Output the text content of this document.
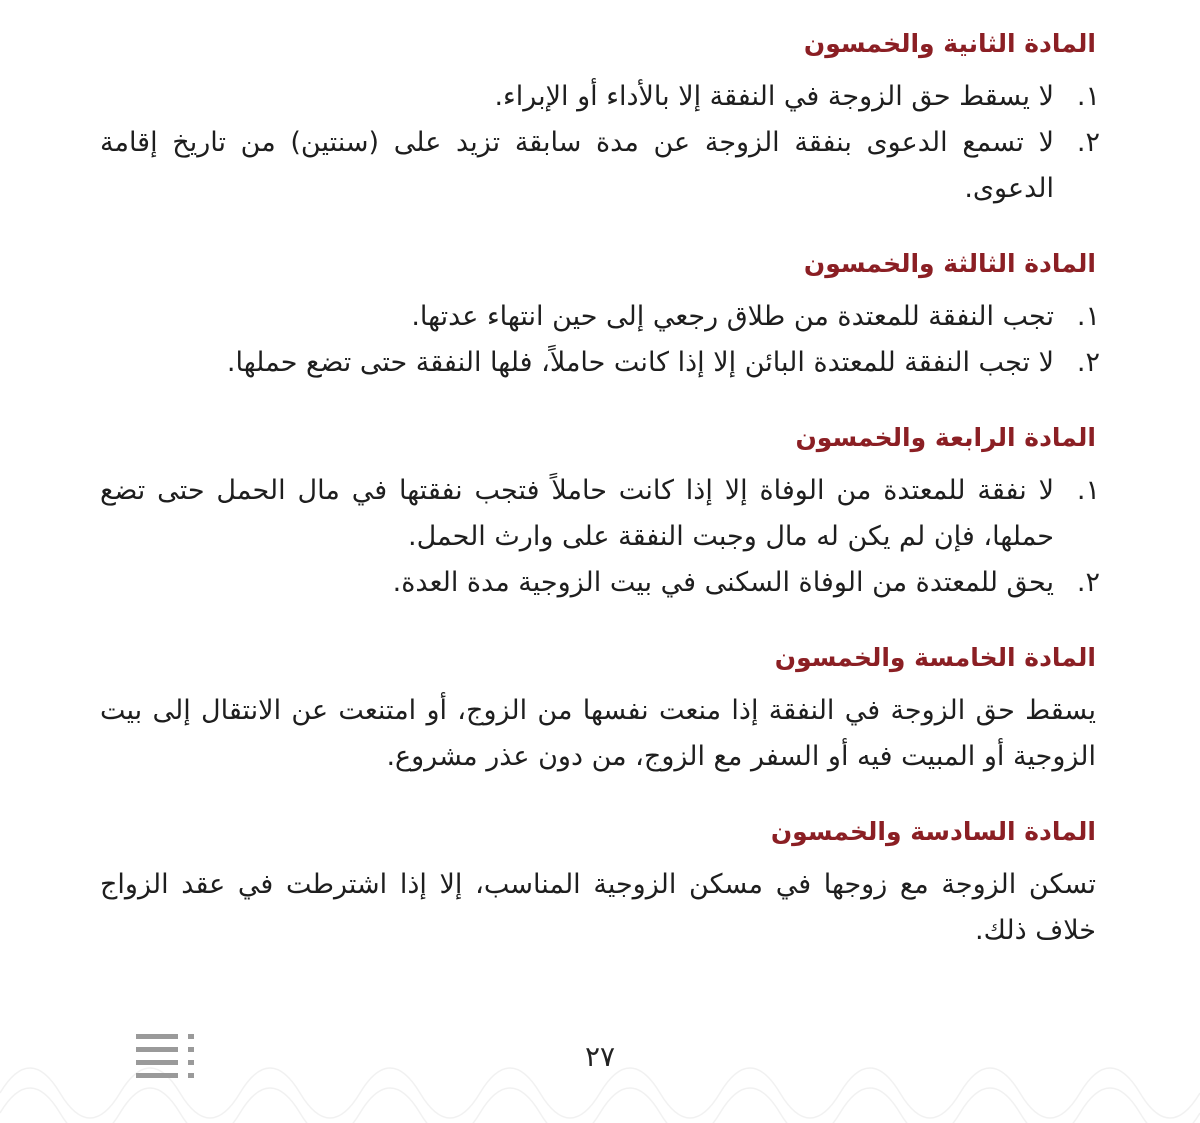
المادة الثانية والخمسون
١.
لا يسقط حق الزوجة في النفقة إلا بالأداء أو الإبراء.
٢.
لا تسمع الدعوى بنفقة الزوجة عن مدة سابقة تزيد على (سنتين) من تاريخ إقامة الدعوى.
المادة الثالثة والخمسون
١.
تجب النفقة للمعتدة من طلاق رجعي إلى حين انتهاء عدتها.
٢.
لا تجب النفقة للمعتدة البائن إلا إذا كانت حاملاً، فلها النفقة حتى تضع حملها.
المادة الرابعة والخمسون
١.
لا نفقة للمعتدة من الوفاة إلا إذا كانت حاملاً فتجب نفقتها في مال الحمل حتى تضع حملها، فإن لم يكن له مال وجبت النفقة على وارث الحمل.
٢.
يحق للمعتدة من الوفاة السكنى في بيت الزوجية مدة العدة.
المادة الخامسة والخمسون

يسقط حق الزوجة في النفقة إذا منعت نفسها من الزوج، أو امتنعت عن الانتقال إلى بيت الزوجية أو المبيت فيه أو السفر مع الزوج، من دون عذر مشروع.

المادة السادسة والخمسون

تسكن الزوجة مع زوجها في مسكن الزوجية المناسب، إلا إذا اشترطت في عقد الزواج خلاف ذلك.

٢٧
